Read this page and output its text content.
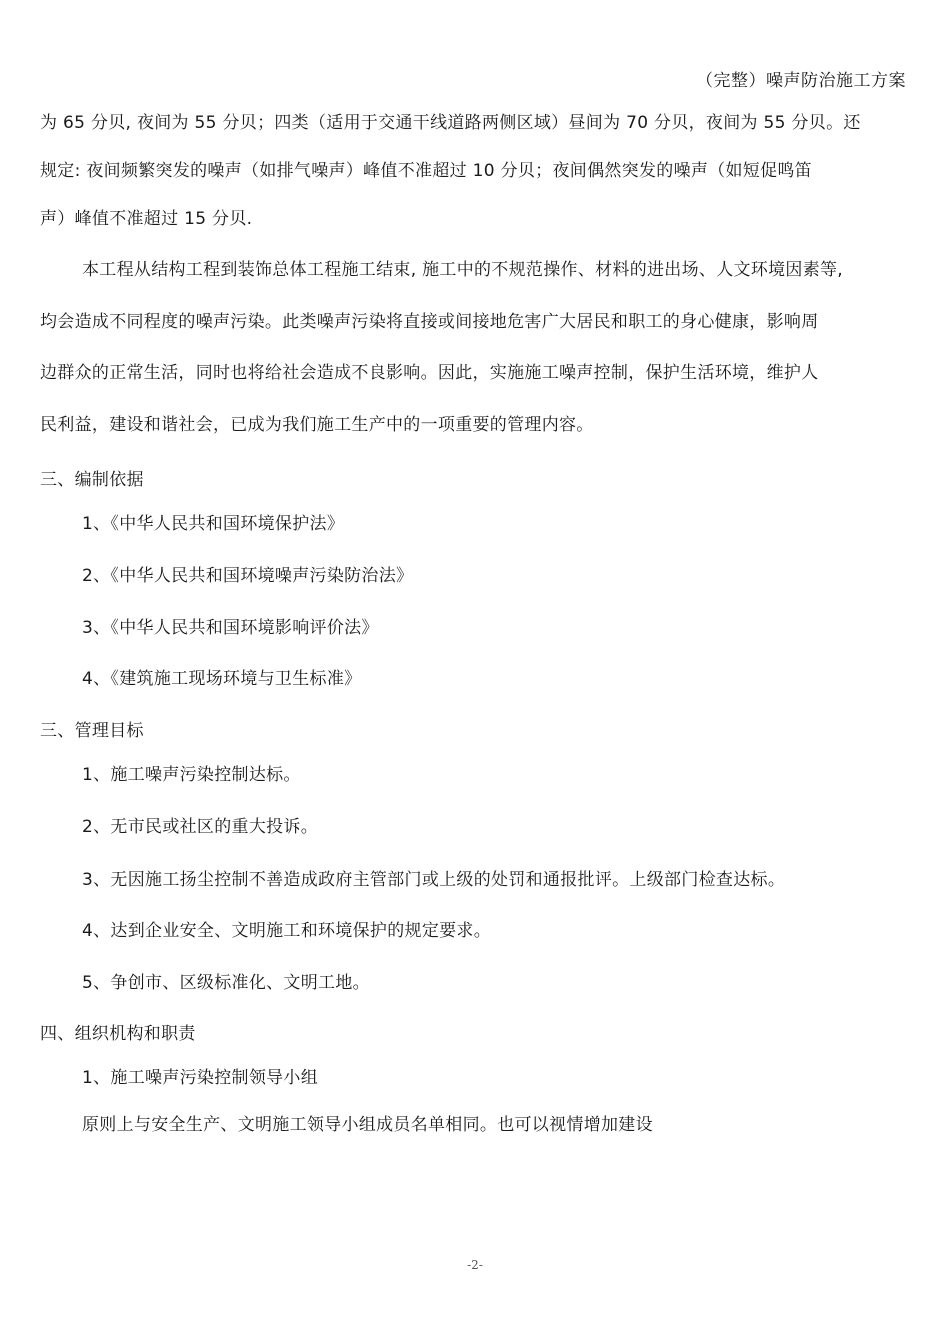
（完整）噪声防治施工方案
为 65 分贝, 夜间为 55 分贝；四类（适用于交通干线道路两侧区域）昼间为 70 分贝，夜间为 55 分贝。还
规定: 夜间频繁突发的噪声（如排气噪声）峰值不准超过 10 分贝；夜间偶然突发的噪声（如短促鸣笛
声）峰值不准超过 15 分贝.
本工程从结构工程到装饰总体工程施工结束, 施工中的不规范操作、材料的进出场、人文环境因素等,
均会造成不同程度的噪声污染。此类噪声污染将直接或间接地危害广大居民和职工的身心健康，影响周
边群众的正常生活，同时也将给社会造成不良影响。因此，实施施工噪声控制，保护生活环境，维护人
民利益，建设和谐社会，已成为我们施工生产中的一项重要的管理内容。
三、编制依据
1、《中华人民共和国环境保护法》
2、《中华人民共和国环境噪声污染防治法》
3、《中华人民共和国环境影响评价法》
4、《建筑施工现场环境与卫生标准》
三、管理目标
1、施工噪声污染控制达标。
2、无市民或社区的重大投诉。
3、无因施工扬尘控制不善造成政府主管部门或上级的处罚和通报批评。上级部门检查达标。
4、达到企业安全、文明施工和环境保护的规定要求。
5、争创市、区级标准化、文明工地。
四、组织机构和职责
1、施工噪声污染控制领导小组
原则上与安全生产、文明施工领导小组成员名单相同。也可以视情增加建设
-2-
